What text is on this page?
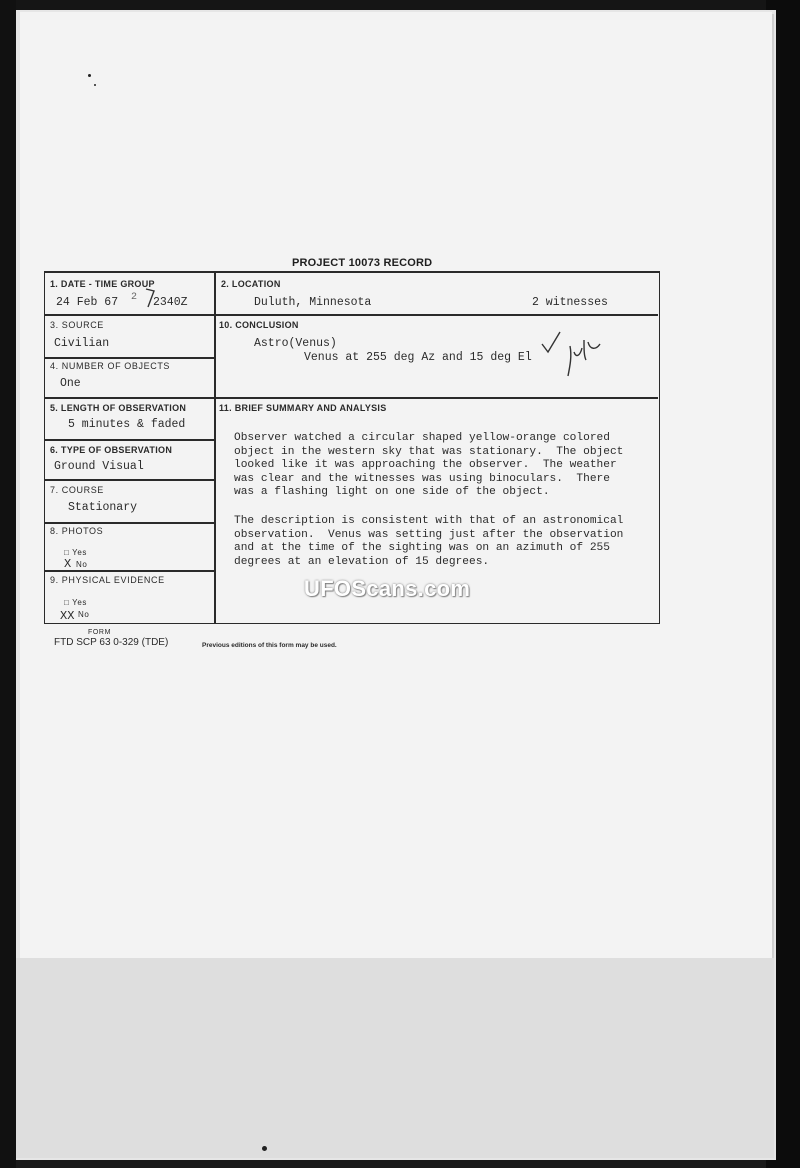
PROJECT 10073 RECORD
1. DATE - TIME GROUP
24 Feb 67 2 2340Z
2. LOCATION
Duluth, Minnesota	2 witnesses
3. SOURCE
Civilian
10. CONCLUSION
Astro(Venus)
Venus at 255 deg Az and 15 deg El
4. NUMBER OF OBJECTS
One
5. LENGTH OF OBSERVATION
5 minutes & faded
11. BRIEF SUMMARY AND ANALYSIS
Observer watched a circular shaped yellow-orange colored
object in the western sky that was stationary.  The object
looked like it was approaching the observer.  The weather
was clear and the witnesses was using binoculars.  There
was a flashing light on one side of the object.
The description is consistent with that of an astronomical
observation.  Venus was setting just after the observation
and at the time of the sighting was on an azimuth of 255
degrees at an elevation of 15 degrees.
6. TYPE OF OBSERVATION
Ground Visual
7. COURSE
Stationary
8. PHOTOS
□ Yes
X No
9. PHYSICAL EVIDENCE
□ Yes
XX No
FORM
FTD SCP 63 0-329 (TDE)	Previous editions of this form may be used.
UFOScans.com
